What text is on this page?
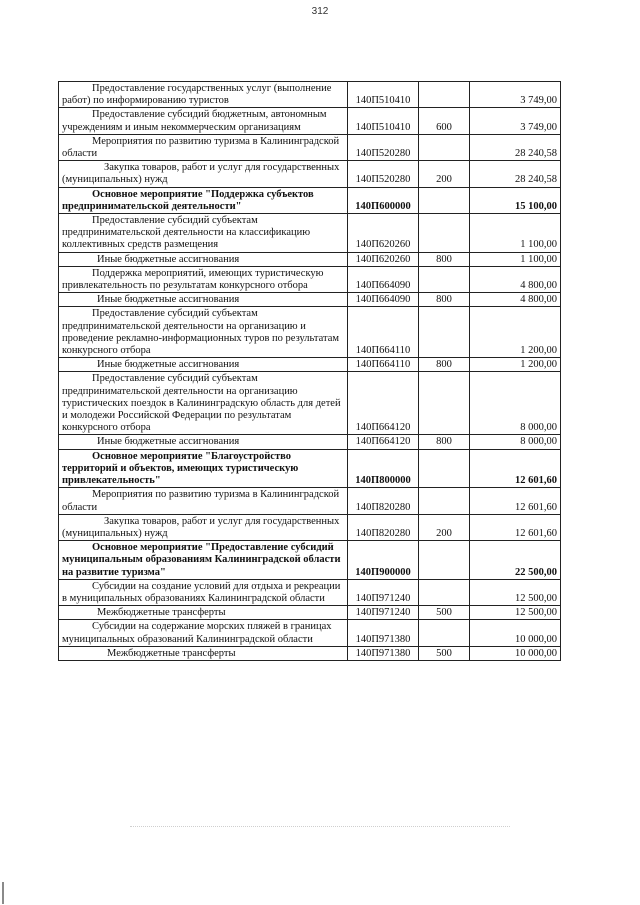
312
Предоставление государственных услуг (выполнение работ) по информированию туристов	140П510410		3 749,00

Предоставление субсидий бюджетным, автономным учреждениям и иным некоммерческим организациям	140П510410	600	3 749,00

Мероприятия по развитию туризма в Калининградской области	140П520280		28 240,58

Закупка товаров, работ и услуг для государственных (муниципальных) нужд	140П520280	200	28 240,58

Основное мероприятие "Поддержка субъектов предпринимательской деятельности"	140П600000		15 100,00

Предоставление субсидий субъектам предпринимательской деятельности на классификацию коллективных средств размещения	140П620260		1 100,00

Иные бюджетные ассигнования	140П620260	800	1 100,00

Поддержка мероприятий, имеющих туристическую привлекательность по результатам конкурсного отбора	140П664090		4 800,00

Иные бюджетные ассигнования	140П664090	800	4 800,00

Предоставление субсидий субъектам предпринимательской деятельности на организацию и проведение рекламно-информационных туров по результатам конкурсного отбора	140П664110		1 200,00

Иные бюджетные ассигнования	140П664110	800	1 200,00

Предоставление субсидий субъектам предпринимательской деятельности на организацию туристических поездок в Калининградскую область для детей и молодежи Российской Федерации по результатам конкурсного отбора	140П664120		8 000,00

Иные бюджетные ассигнования	140П664120	800	8 000,00

Основное мероприятие "Благоустройство территорий и объектов, имеющих туристическую привлекательность"	140П800000		12 601,60

Мероприятия по развитию туризма в Калининградской области	140П820280		12 601,60

Закупка товаров, работ и услуг для государственных (муниципальных) нужд	140П820280	200	12 601,60

Основное мероприятие "Предоставление субсидий муниципальным образованиям Калининградской области на развитие туризма"	140П900000		22 500,00

Субсидии на создание условий для отдыха и рекреации в муниципальных образованиях Калининградской области	140П971240		12 500,00

Межбюджетные трансферты	140П971240	500	12 500,00

Субсидии на содержание морских пляжей в границах муниципальных образований Калининградской области	140П971380		10 000,00

Межбюджетные трансферты	140П971380	500	10 000,00
